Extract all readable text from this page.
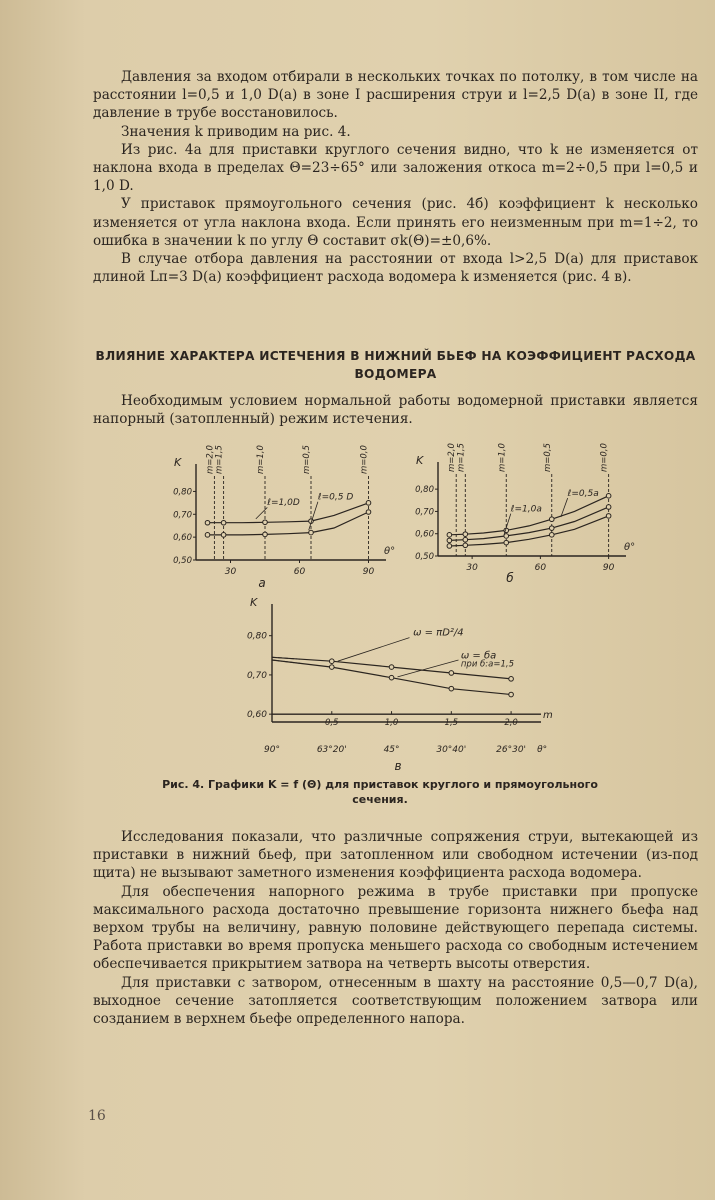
Давления за входом отбирали в нескольких точках по потолку, в том числе на расстоянии l=0,5 и 1,0 D(a) в зоне I расширения струи и l=2,5 D(a) в зоне II, где давление в трубе восстановилось.

Значения k приводим на рис. 4.

Из рис. 4а для приставки круглого сечения видно, что k не изменяется от наклона входа в пределах Θ=23÷65° или заложения откоса m=2÷0,5 при l=0,5 и 1,0 D.

У приставок прямоугольного сечения (рис. 4б) коэффициент k несколько изменяется от угла наклона входа. Если принять его неизменным при m=1÷2, то ошибка в значении k по углу Θ составит σk(Θ)=±0,6%.

В случае отбора давления на расстоянии от входа l>2,5 D(a) для приставок длиной Lп=3 D(a) коэффициент расхода водомера k изменяется (рис. 4 в).

ВЛИЯНИЕ ХАРАКТЕРА ИСТЕЧЕНИЯ В НИЖНИЙ БЬЕФ НА КОЭФФИЦИЕНТ РАСХОДА ВОДОМЕРА

Необходимым условием нормальной работы водомерной приставки является напорный (затопленный) режим истечения.

K
0,80
0,70
0,60
0,50
30	60	90
θ°
m=2,0 m=1,5	m=1,0	m=0,5	m=0,0
ℓ=1,0D
ℓ=0,5 D
а
K
0,80
0,70
0,60
0,50
30	60	90
θ°
m=2,0 m=1,5	m=1,0	m=0,5	m=0,0
ℓ=1,0a
ℓ=0,5a
б
K
0,80
0,70
0,60
0,5	1,0	1,5	2,0
m
90°	63°20'	45°	30°40'	26°30' θ°
ω = πD²/4
ω = ба
при б:а=1,5
в
Рис. 4. Графики K = f (Θ) для приставок круглого и прямоугольного сечения.

Исследования показали, что различные сопряжения струи, вытекающей из приставки в нижний бьеф, при затопленном или свободном истечении (из-под щита) не вызывают заметного изменения коэффициента расхода водомера.

Для обеспечения напорного режима в трубе приставки при пропуске максимального расхода достаточно превышение горизонта нижнего бьефа над верхом трубы на величину, равную половине действующего перепада системы. Работа приставки во время пропуска меньшего расхода со свободным истечением обеспечивается прикрытием затвора на четверть высоты отверстия.

Для приставки с затвором, отнесенным в шахту на расстояние 0,5—0,7 D(a), выходное сечение затопляется соответствующим положением затвора или созданием в верхнем бьефе определенного напора.

16
